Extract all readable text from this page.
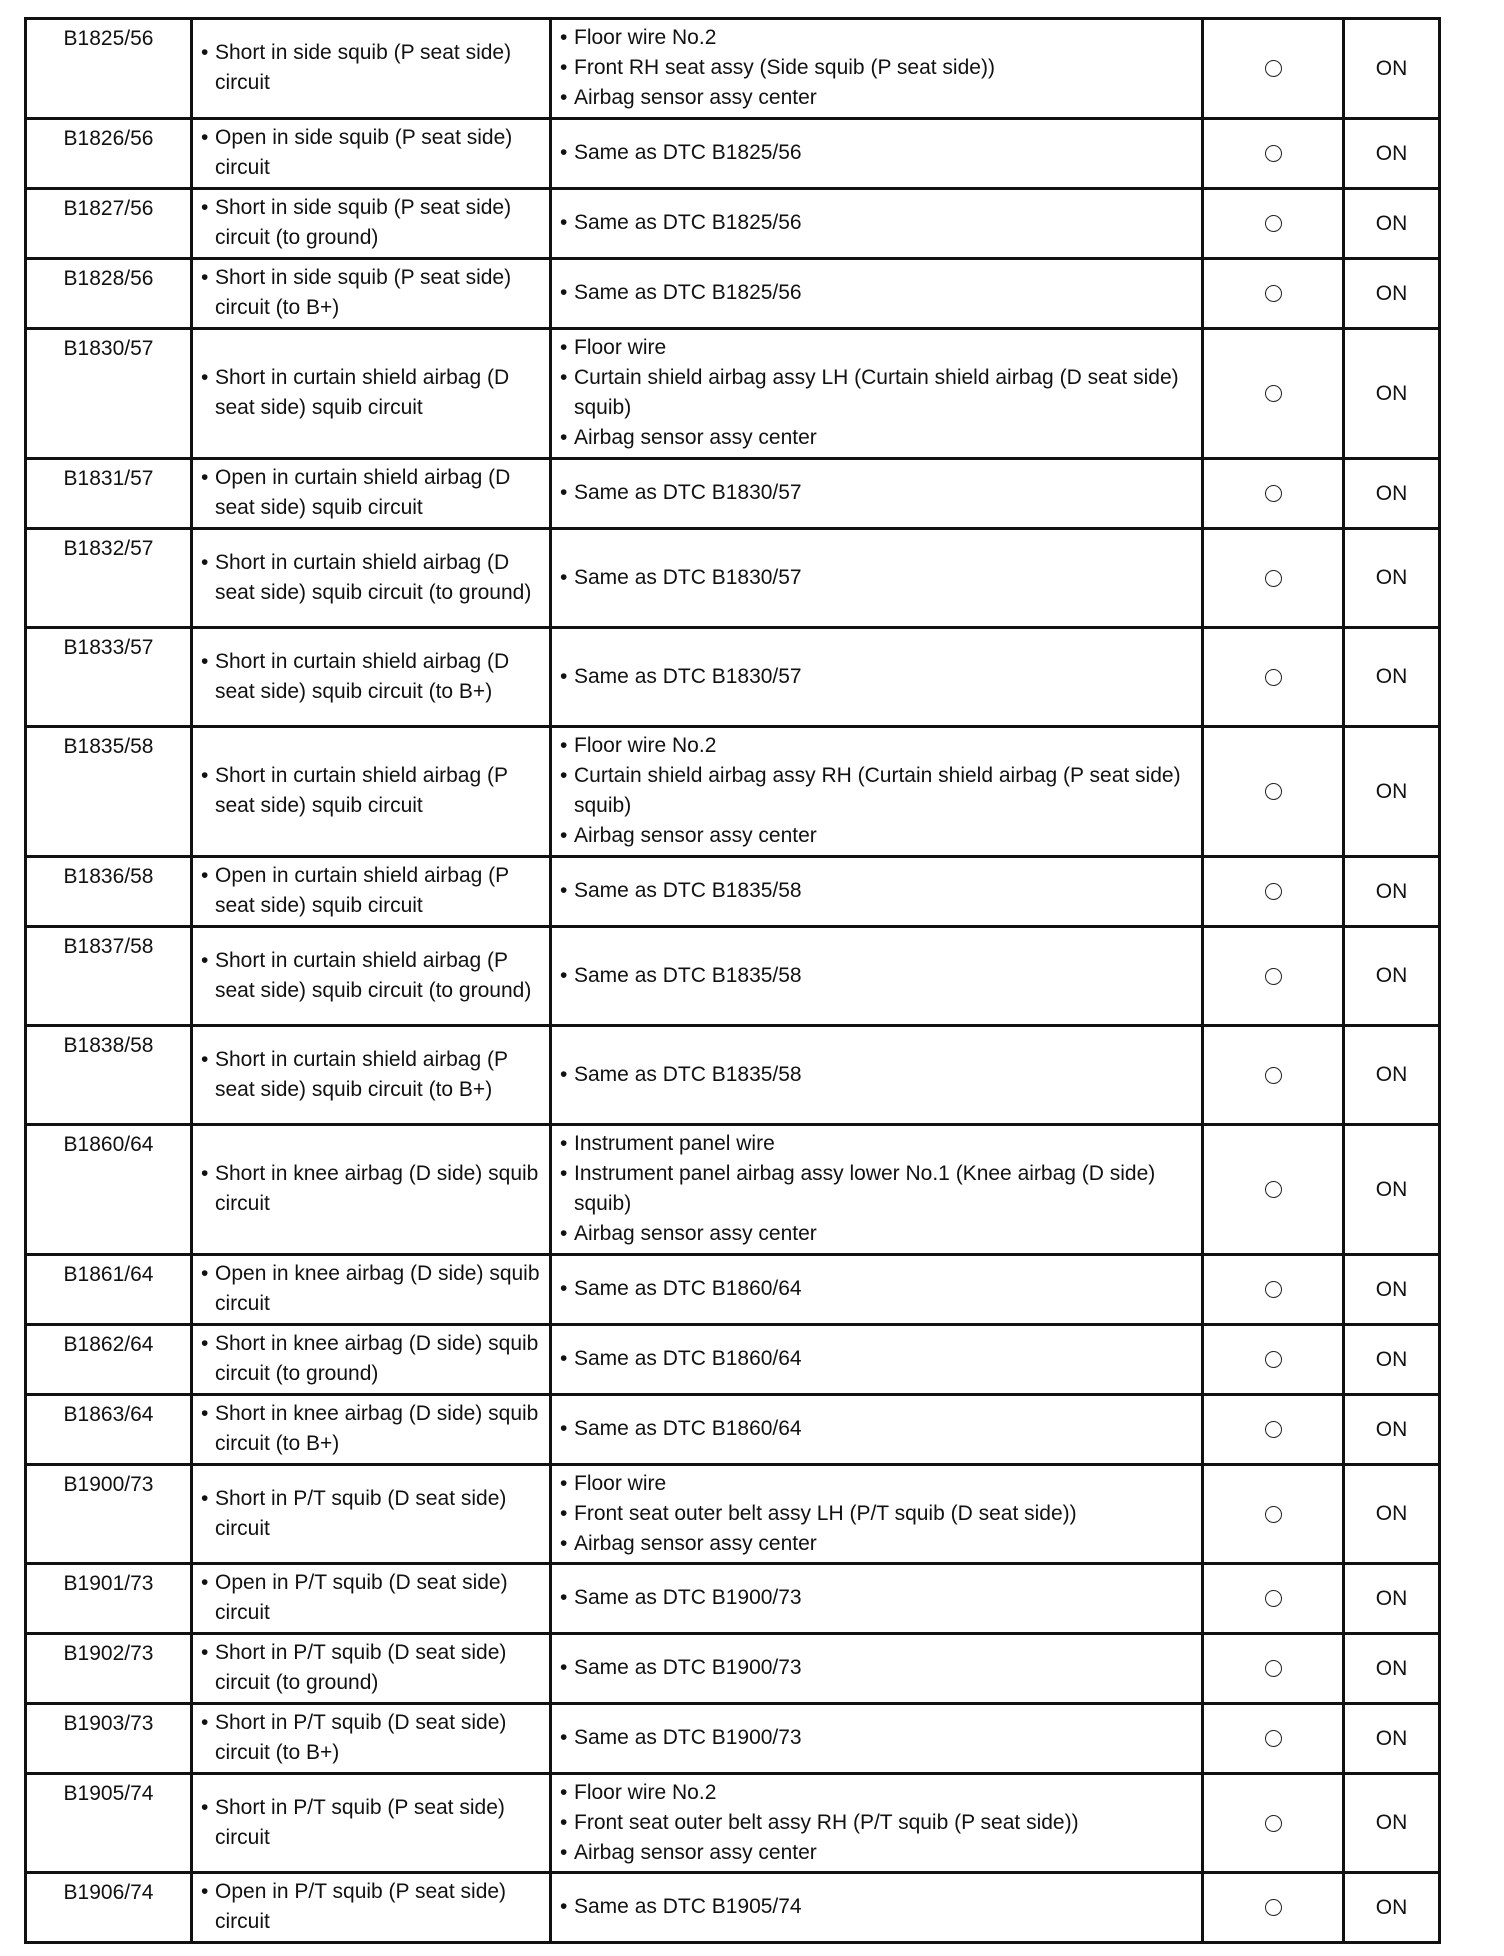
B1825/56	• Short in side squib (P seat side) circuit	• Floor wire No.2
• Front RH seat assy (Side squib (P seat side))
• Airbag sensor assy center		ON
B1826/56	• Open in side squib (P seat side) circuit	• Same as DTC B1825/56		ON
B1827/56	• Short in side squib (P seat side) circuit (to ground)	• Same as DTC B1825/56		ON
B1828/56	• Short in side squib (P seat side) circuit (to B+)	• Same as DTC B1825/56		ON
B1830/57	• Short in curtain shield airbag (D seat side) squib circuit	• Floor wire
• Curtain shield airbag assy LH (Curtain shield airbag (D seat side) squib)
• Airbag sensor assy center		ON
B1831/57	• Open in curtain shield airbag (D seat side) squib circuit	• Same as DTC B1830/57		ON
B1832/57	• Short in curtain shield airbag (D seat side) squib circuit (to ground)	• Same as DTC B1830/57		ON
B1833/57	• Short in curtain shield airbag (D seat side) squib circuit (to B+)	• Same as DTC B1830/57		ON
B1835/58	• Short in curtain shield airbag (P seat side) squib circuit	• Floor wire No.2
• Curtain shield airbag assy RH (Curtain shield airbag (P seat side) squib)
• Airbag sensor assy center		ON
B1836/58	• Open in curtain shield airbag (P seat side) squib circuit	• Same as DTC B1835/58		ON
B1837/58	• Short in curtain shield airbag (P seat side) squib circuit (to ground)	• Same as DTC B1835/58		ON
B1838/58	• Short in curtain shield airbag (P seat side) squib circuit (to B+)	• Same as DTC B1835/58		ON
B1860/64	• Short in knee airbag (D side) squib circuit	• Instrument panel wire
• Instrument panel airbag assy lower No.1 (Knee airbag (D side) squib)
• Airbag sensor assy center		ON
B1861/64	• Open in knee airbag (D side) squib circuit	• Same as DTC B1860/64		ON
B1862/64	• Short in knee airbag (D side) squib circuit (to ground)	• Same as DTC B1860/64		ON
B1863/64	• Short in knee airbag (D side) squib circuit (to B+)	• Same as DTC B1860/64		ON
B1900/73	• Short in P/T squib (D seat side) circuit	• Floor wire
• Front seat outer belt assy LH (P/T squib (D seat side))
• Airbag sensor assy center		ON
B1901/73	• Open in P/T squib (D seat side) circuit	• Same as DTC B1900/73		ON
B1902/73	• Short in P/T squib (D seat side) circuit (to ground)	• Same as DTC B1900/73		ON
B1903/73	• Short in P/T squib (D seat side) circuit (to B+)	• Same as DTC B1900/73		ON
B1905/74	• Short in P/T squib (P seat side) circuit	• Floor wire No.2
• Front seat outer belt assy RH (P/T squib (P seat side))
• Airbag sensor assy center		ON
B1906/74	• Open in P/T squib (P seat side) circuit	• Same as DTC B1905/74		ON
